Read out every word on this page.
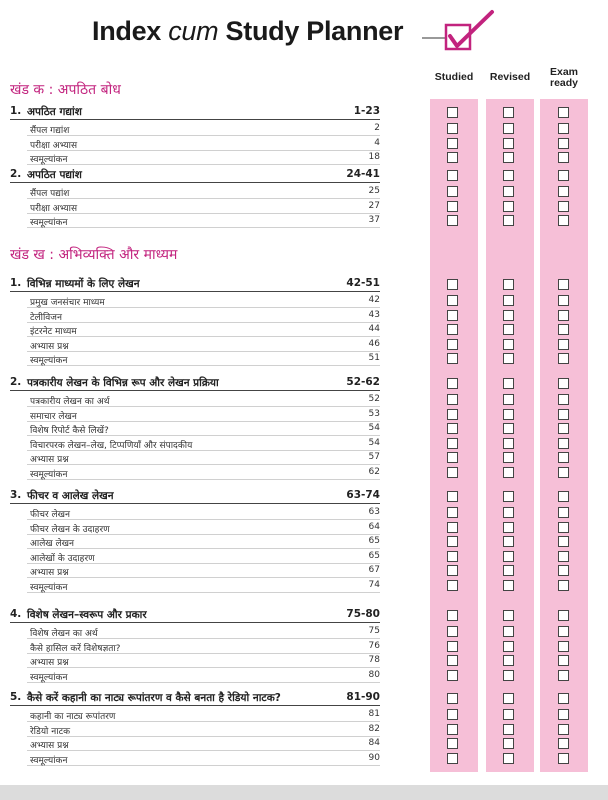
Index cum Study Planner
Studied	Revised	Exam
ready
खंड क : अपठित बोध
1. अपठित गद्यांश	1-23
सैंपल गद्यांश	2
परीक्षा अभ्यास	4
स्वमूल्यांकन	18
2. अपठित पद्यांश	24-41
सैंपल पद्यांश	25
परीक्षा अभ्यास	27
स्वमूल्यांकन	37
खंड ख : अभिव्यक्ति और माध्यम
1. विभिन्न माध्यमों के लिए लेखन	42-51
प्रमुख जनसंचार माध्यम	42
टेलीविजन	43
इंटरनेट माध्यम	44
अभ्यास प्रश्न	46
स्वमूल्यांकन	51
2. पत्रकारीय लेखन के विभिन्न रूप और लेखन प्रक्रिया	52-62
पत्रकारीय लेखन का अर्थ	52
समाचार लेखन	53
विशेष रिपोर्ट कैसे लिखें?	54
विचारपरक लेखन–लेख, टिप्पणियाँ और संपादकीय	54
अभ्यास प्रश्न	57
स्वमूल्यांकन	62
3. फीचर व आलेख लेखन	63-74
फीचर लेखन	63
फीचर लेखन के उदाहरण	64
आलेख लेखन	65
आलेखों के उदाहरण	65
अभ्यास प्रश्न	67
स्वमूल्यांकन	74
4. विशेष लेखन–स्वरूप और प्रकार	75-80
विशेष लेखन का अर्थ	75
कैसे हासिल करें विशेषज्ञता?	76
अभ्यास प्रश्न	78
स्वमूल्यांकन	80
5. कैसे करें कहानी का नाट्य रूपांतरण व कैसे बनता है रेडियो नाटक?	81-90
कहानी का नाट्य रूपांतरण	81
रेडियो नाटक	82
अभ्यास प्रश्न	84
स्वमूल्यांकन	90
